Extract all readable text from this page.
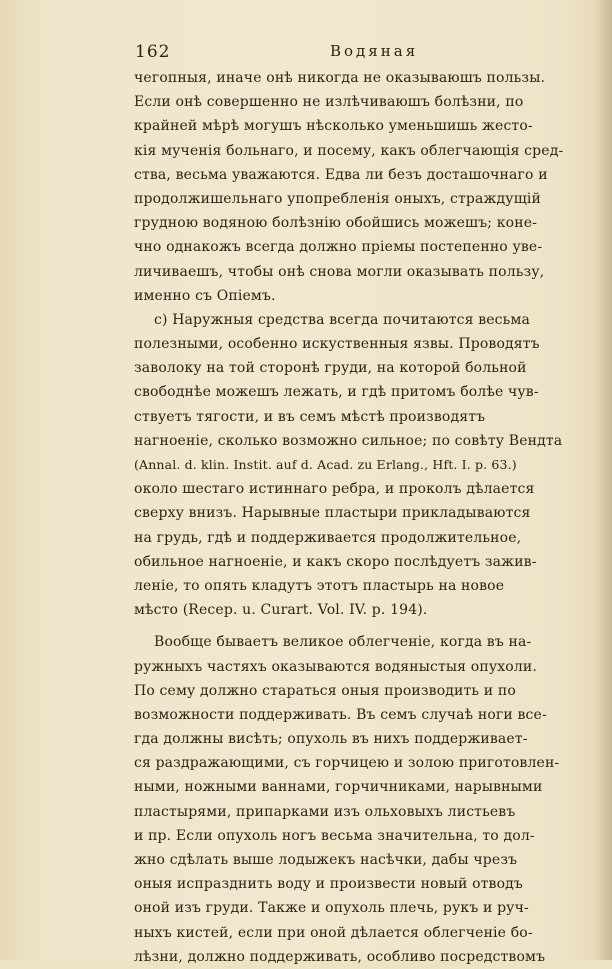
162	Водяная
чегопныя, иначе онѣ никогда не оказываюшъ пользы.
Если онѣ совершенно не излѣчиваюшъ болѣзни, по
крайней мѣрѣ могушъ нѣсколько уменьшишь жесто-
кія мученія больнаго, и посему, какъ облегчающія сред-
ства, весьма уважаются. Едва ли безъ досташочнаго и
продолжишельнаго упопребленія оныхъ, страждущій
грудною водяною болѣзнію обойшись можешъ; коне-
чно однакожъ всегда должно пріемы постепенно уве-
личиваешъ, чтобы онѣ снова могли оказывать пользу,
именно съ Опіемъ.
с) Наружныя средства всегда почитаются весьма
полезными, особенно искуственныя язвы. Проводятъ
заволоку на той сторонѣ груди, на которой больной
свободнѣе можешъ лежать, и гдѣ притомъ болѣе чув-
ствуетъ тягости, и въ семъ мѣстѣ производятъ
нагноеніе, сколько возможно сильное; по совѣту Вендта
(Annal. d. klin. Instit. auf d. Acad. zu Erlang., Hft. I. p. 63.)
около шестаго истиннаго ребра, и проколъ дѣлается
сверху внизъ. Нарывные пластыри прикладываются
на грудь, гдѣ и поддерживается продолжительное,
обильное нагноеніе, и какъ скоро послѣдуетъ зажив-
леніе, то опять кладутъ этотъ пластырь на новое
мѣсто (Recep. u. Curart. Vol. IV. p. 194).
Вообще бываетъ великое облегченіе, когда въ на-
ружныхъ частяхъ оказываются водяныстыя опухоли.
По сему должно стараться оныя производить и по
возможности поддерживать. Въ семъ случаѣ ноги все-
гда должны висѣть; опухоль въ нихъ поддерживает-
ся раздражающими, съ горчицею и золою приготовлен-
ными, ножными ваннами, горчичниками, нарывными
пластырями, припарками изъ ольховыхъ листьевъ
и пр. Если опухоль ногъ весьма значительна, то дол-
жно сдѣлать выше лодыжекъ насѣчки, дабы чрезъ
оныя испразднить воду и произвести новый отводъ
оной изъ груди. Также и опухоль плечь, рукъ и руч-
ныхъ кистей, если при оной дѣлается облегченіе бо-
лѣзни, должно поддерживать, особливо посредствомъ
